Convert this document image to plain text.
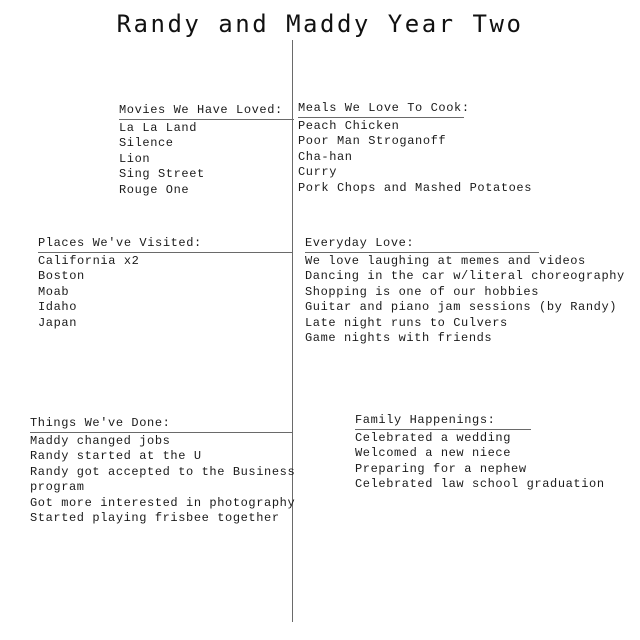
Randy and Maddy Year Two
Movies We Have Loved:
La La Land
Silence
Lion
Sing Street
Rouge One
Meals We Love To Cook:
Peach Chicken
Poor Man Stroganoff
Cha-han
Curry
Pork Chops and Mashed Potatoes
Places We've Visited:
California x2
Boston
Moab
Idaho
Japan
Everyday Love:
We love laughing at memes and videos
Dancing in the car w/literal choreography
Shopping is one of our hobbies
Guitar and piano jam sessions (by Randy)
Late night runs to Culvers
Game nights with friends
Things We've Done:
Maddy changed jobs
Randy started at the U
Randy got accepted to the Business
program
Got more interested in photography
Started playing frisbee together
Family Happenings:
Celebrated a wedding
Welcomed a new niece
Preparing for a nephew
Celebrated law school graduation
